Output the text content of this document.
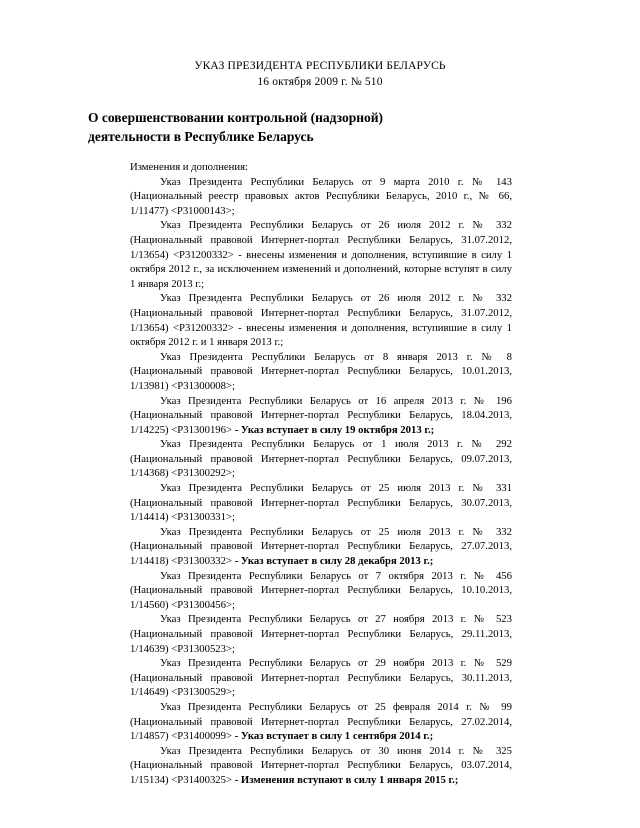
УКАЗ ПРЕЗИДЕНТА РЕСПУБЛИКИ БЕЛАРУСЬ
16 октября 2009 г. № 510
О совершенствовании контрольной (надзорной)
деятельности в Республике Беларусь
Изменения и дополнения:

Указ Президента Республики Беларусь от 9 марта 2010 г. № 143 (Национальный реестр правовых актов Республики Беларусь, 2010 г., № 66, 1/11477) <Р31000143>;

Указ Президента Республики Беларусь от 26 июля 2012 г. № 332 (Национальный правовой Интернет-портал Республики Беларусь, 31.07.2012, 1/13654) <Р31200332> - внесены изменения и дополнения, вступившие в силу 1 октября 2012 г., за исключением изменений и дополнений, которые вступят в силу 1 января 2013 г.;

Указ Президента Республики Беларусь от 26 июля 2012 г. № 332 (Национальный правовой Интернет-портал Республики Беларусь, 31.07.2012, 1/13654) <Р31200332> - внесены изменения и дополнения, вступившие в силу 1 октября 2012 г. и 1 января 2013 г.;

Указ Президента Республики Беларусь от 8 января 2013 г. № 8 (Национальный правовой Интернет-портал Республики Беларусь, 10.01.2013, 1/13981) <Р31300008>;

Указ Президента Республики Беларусь от 16 апреля 2013 г. № 196 (Национальный правовой Интернет-портал Республики Беларусь, 18.04.2013, 1/14225) <Р31300196> - Указ вступает в силу 19 октября 2013 г.;

Указ Президента Республики Беларусь от 1 июля 2013 г. № 292 (Национальный правовой Интернет-портал Республики Беларусь, 09.07.2013, 1/14368) <Р31300292>;

Указ Президента Республики Беларусь от 25 июля 2013 г. № 331 (Национальный правовой Интернет-портал Республики Беларусь, 30.07.2013, 1/14414) <Р31300331>;

Указ Президента Республики Беларусь от 25 июля 2013 г. № 332 (Национальный правовой Интернет-портал Республики Беларусь, 27.07.2013, 1/14418) <Р31300332> - Указ вступает в силу 28 декабря 2013 г.;

Указ Президента Республики Беларусь от 7 октября 2013 г. № 456 (Национальный правовой Интернет-портал Республики Беларусь, 10.10.2013, 1/14560) <Р31300456>;

Указ Президента Республики Беларусь от 27 ноября 2013 г. № 523 (Национальный правовой Интернет-портал Республики Беларусь, 29.11.2013, 1/14639) <Р31300523>;

Указ Президента Республики Беларусь от 29 ноября 2013 г. № 529 (Национальный правовой Интернет-портал Республики Беларусь, 30.11.2013, 1/14649) <Р31300529>;

Указ Президента Республики Беларусь от 25 февраля 2014 г. № 99 (Национальный правовой Интернет-портал Республики Беларусь, 27.02.2014, 1/14857) <Р31400099> - Указ вступает в силу 1 сентября 2014 г.;

Указ Президента Республики Беларусь от 30 июня 2014 г. № 325 (Национальный правовой Интернет-портал Республики Беларусь, 03.07.2014, 1/15134) <Р31400325> - Изменения вступают в силу 1 января 2015 г.;
